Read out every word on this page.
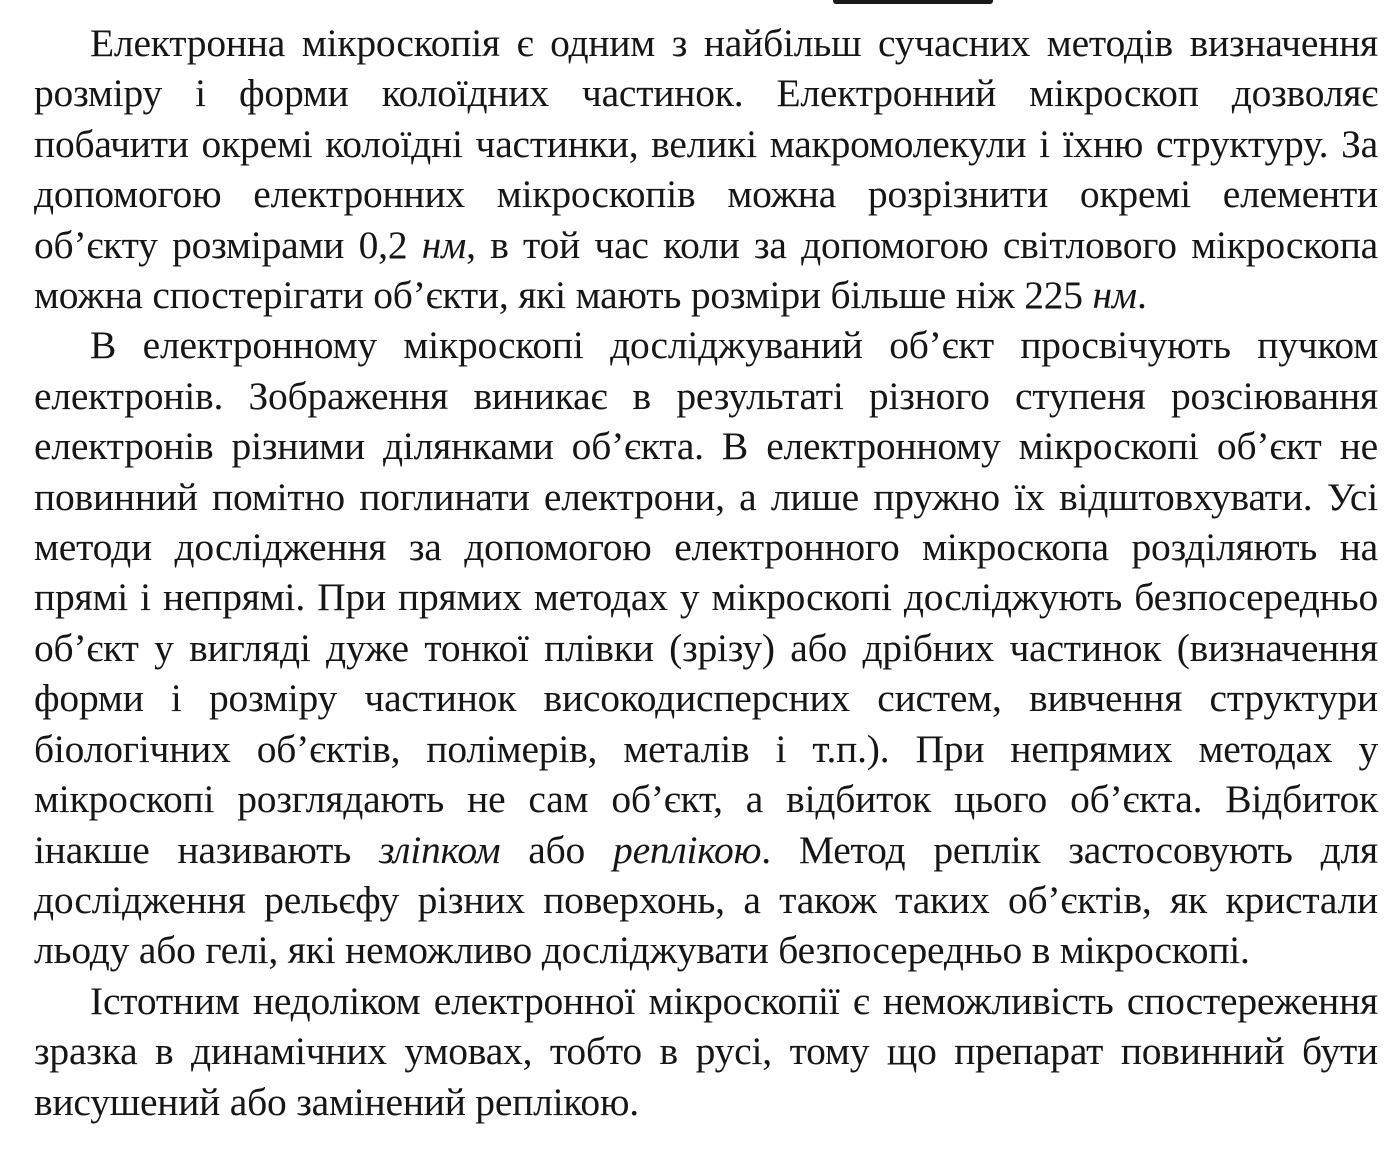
Електронна мікроскопія є одним з найбільш сучасних методів визначення розміру і форми колоїдних частинок. Електронний мікроскоп дозволяє побачити окремі колоїдні частинки, великі макромолекули і їхню структуру. За допомогою електронних мікроскопів можна розрізнити окремі елементи об’єкту розмірами 0,2 нм, в той час коли за допомогою світлового мікроскопа можна спостерігати об’єкти, які мають розміри більше ніж 225 нм.

В електронному мікроскопі досліджуваний об’єкт просвічують пучком електронів. Зображення виникає в результаті різного ступеня розсіювання електронів різними ділянками об’єкта. В електронному мікроскопі об’єкт не повинний помітно поглинати електрони, а лише пружно їх відштовхувати. Усі методи дослідження за допомогою електронного мікроскопа розділяють на прямі і непрямі. При прямих методах у мікроскопі досліджують безпосередньо об’єкт у вигляді дуже тонкої плівки (зрізу) або дрібних частинок (визначення форми і розміру частинок високодисперсних систем, вивчення структури біологічних об’єктів, полімерів, металів і т.п.). При непрямих методах у мікроскопі розглядають не сам об’єкт, а відбиток цього об’єкта. Відбиток інакше називають зліпком або реплікою. Метод реплік застосовують для дослідження рельєфу різних поверхонь, а також таких об’єктів, як кристали льоду або гелі, які неможливо досліджувати безпосередньо в мікроскопі.

Істотним недоліком електронної мікроскопії є неможливість спостереження зразка в динамічних умовах, тобто в русі, тому що препарат повинний бути висушений або замінений реплікою.
